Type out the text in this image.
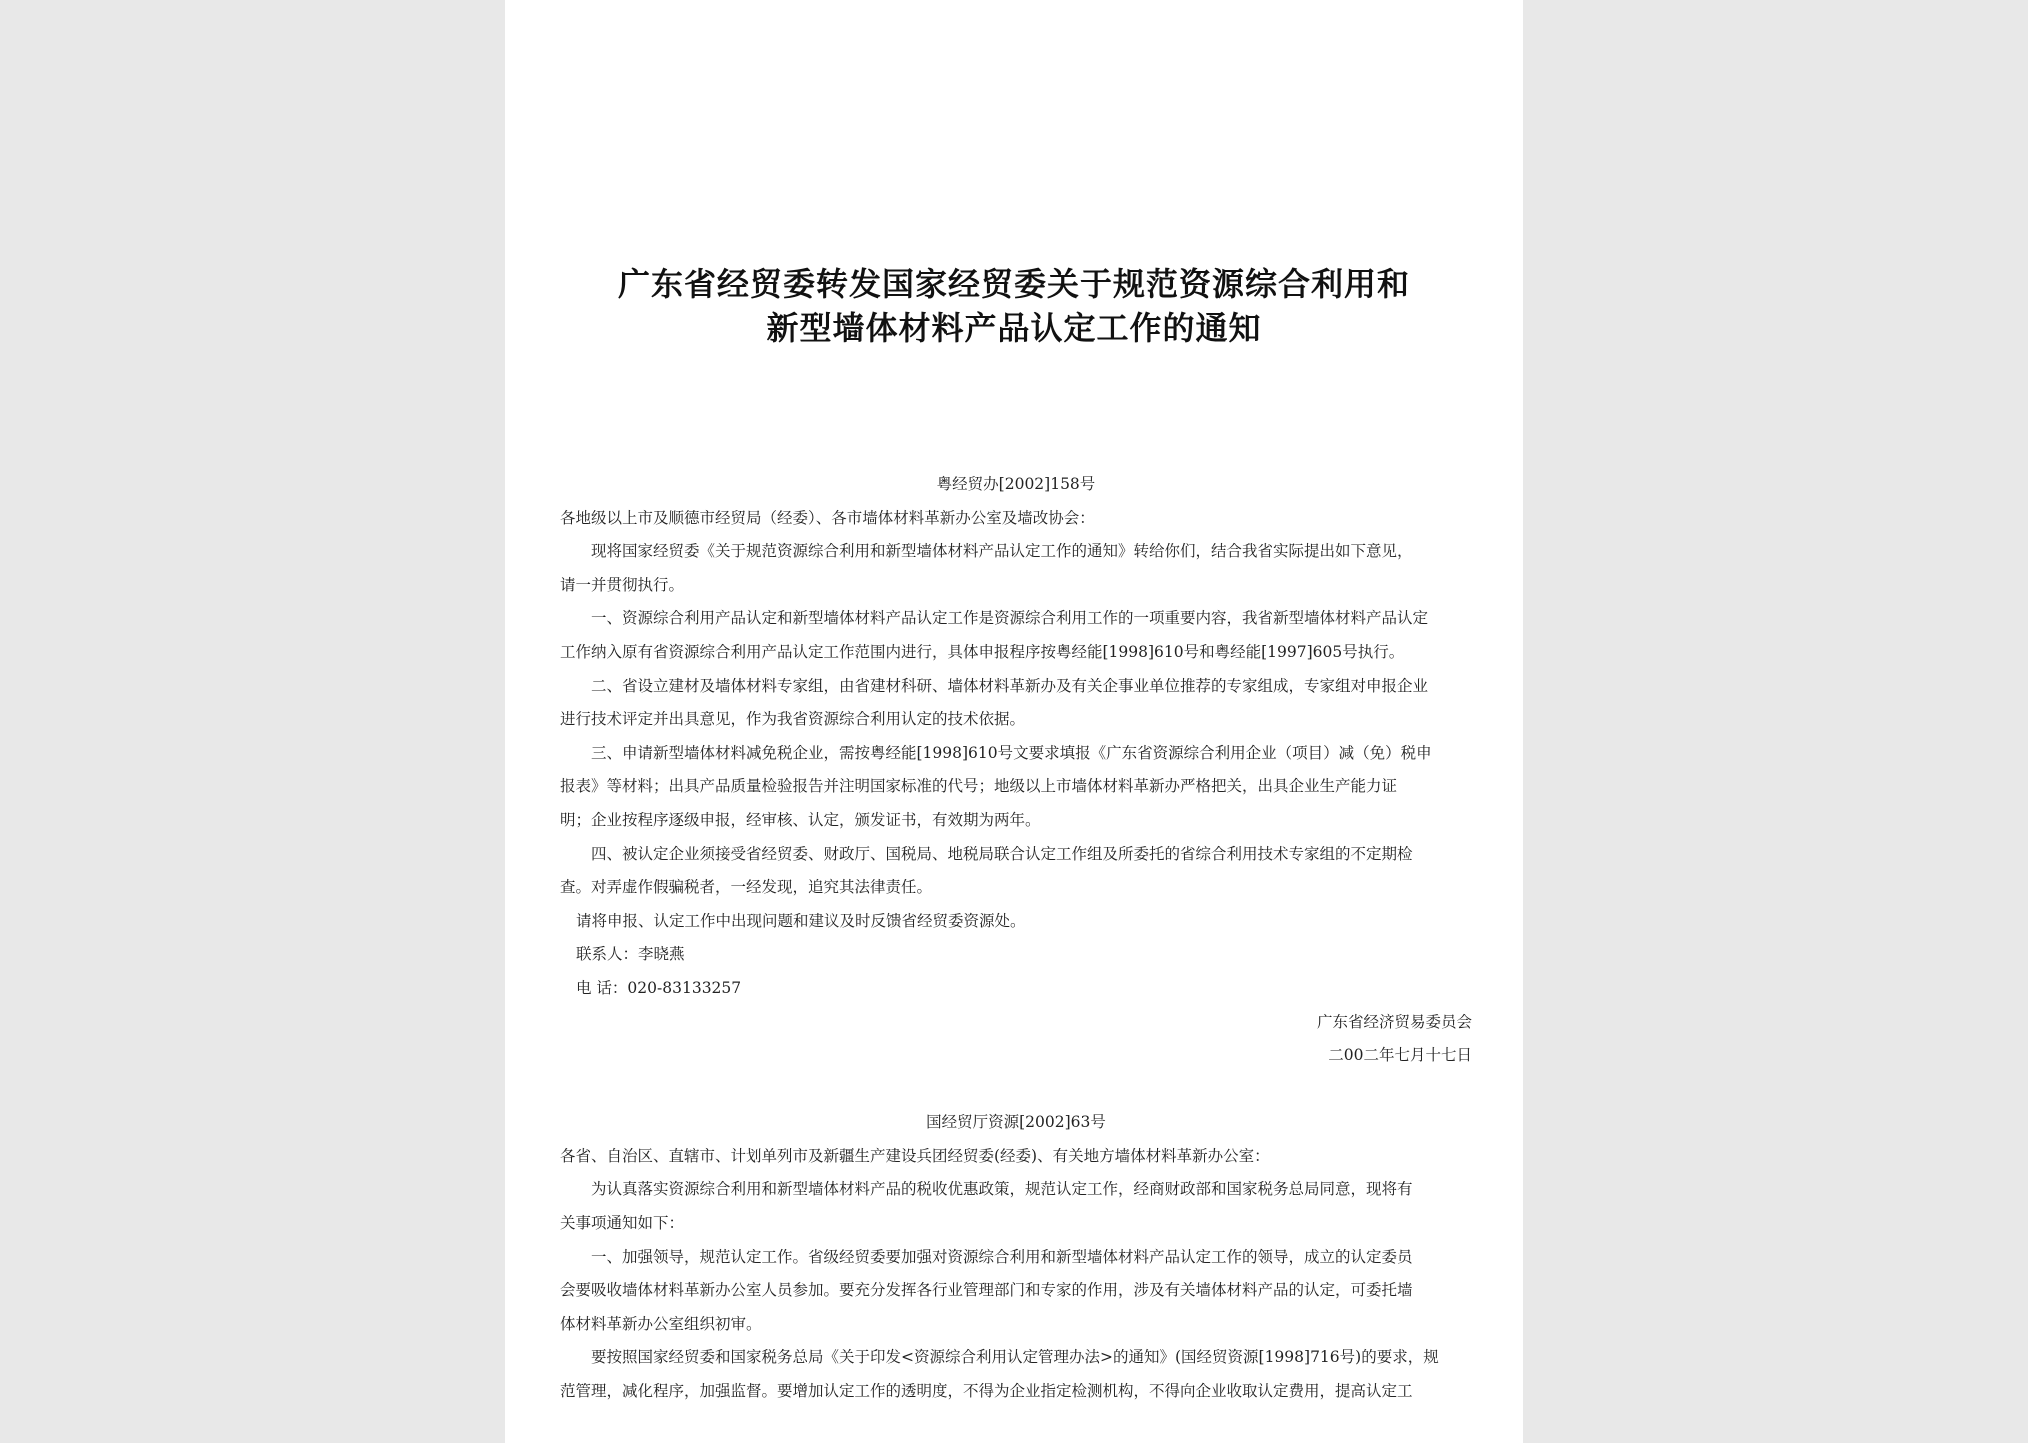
广东省经贸委转发国家经贸委关于规范资源综合利用和
新型墙体材料产品认定工作的通知
粤经贸办[2002]158号
各地级以上市及顺德市经贸局（经委）、各市墙体材料革新办公室及墙改协会：
现将国家经贸委《关于规范资源综合利用和新型墙体材料产品认定工作的通知》转给你们，结合我省实际提出如下意见，
请一并贯彻执行。
一、资源综合利用产品认定和新型墙体材料产品认定工作是资源综合利用工作的一项重要内容，我省新型墙体材料产品认定
工作纳入原有省资源综合利用产品认定工作范围内进行，具体申报程序按粤经能[1998]610号和粤经能[1997]605号执行。
二、省设立建材及墙体材料专家组，由省建材科研、墙体材料革新办及有关企事业单位推荐的专家组成，专家组对申报企业
进行技术评定并出具意见，作为我省资源综合利用认定的技术依据。
三、申请新型墙体材料减免税企业，需按粤经能[1998]610号文要求填报《广东省资源综合利用企业（项目）减（免）税申
报表》等材料；出具产品质量检验报告并注明国家标准的代号；地级以上市墙体材料革新办严格把关，出具企业生产能力证
明；企业按程序逐级申报，经审核、认定，颁发证书，有效期为两年。
四、被认定企业须接受省经贸委、财政厅、国税局、地税局联合认定工作组及所委托的省综合利用技术专家组的不定期检
查。对弄虚作假骗税者，一经发现，追究其法律责任。
请将申报、认定工作中出现问题和建议及时反馈省经贸委资源处。
联系人：李晓燕
电 话：020-83133257
广东省经济贸易委员会
二00二年七月十七日
国经贸厅资源[2002]63号
各省、自治区、直辖市、计划单列市及新疆生产建设兵团经贸委(经委)、有关地方墙体材料革新办公室：
为认真落实资源综合利用和新型墙体材料产品的税收优惠政策，规范认定工作，经商财政部和国家税务总局同意，现将有
关事项通知如下：
一、加强领导，规范认定工作。省级经贸委要加强对资源综合利用和新型墙体材料产品认定工作的领导，成立的认定委员
会要吸收墙体材料革新办公室人员参加。要充分发挥各行业管理部门和专家的作用，涉及有关墙体材料产品的认定，可委托墙
体材料革新办公室组织初审。
要按照国家经贸委和国家税务总局《关于印发<资源综合利用认定管理办法>的通知》(国经贸资源[1998]716号)的要求，规
范管理，减化程序，加强监督。要增加认定工作的透明度，不得为企业指定检测机构，不得向企业收取认定费用，提高认定工
